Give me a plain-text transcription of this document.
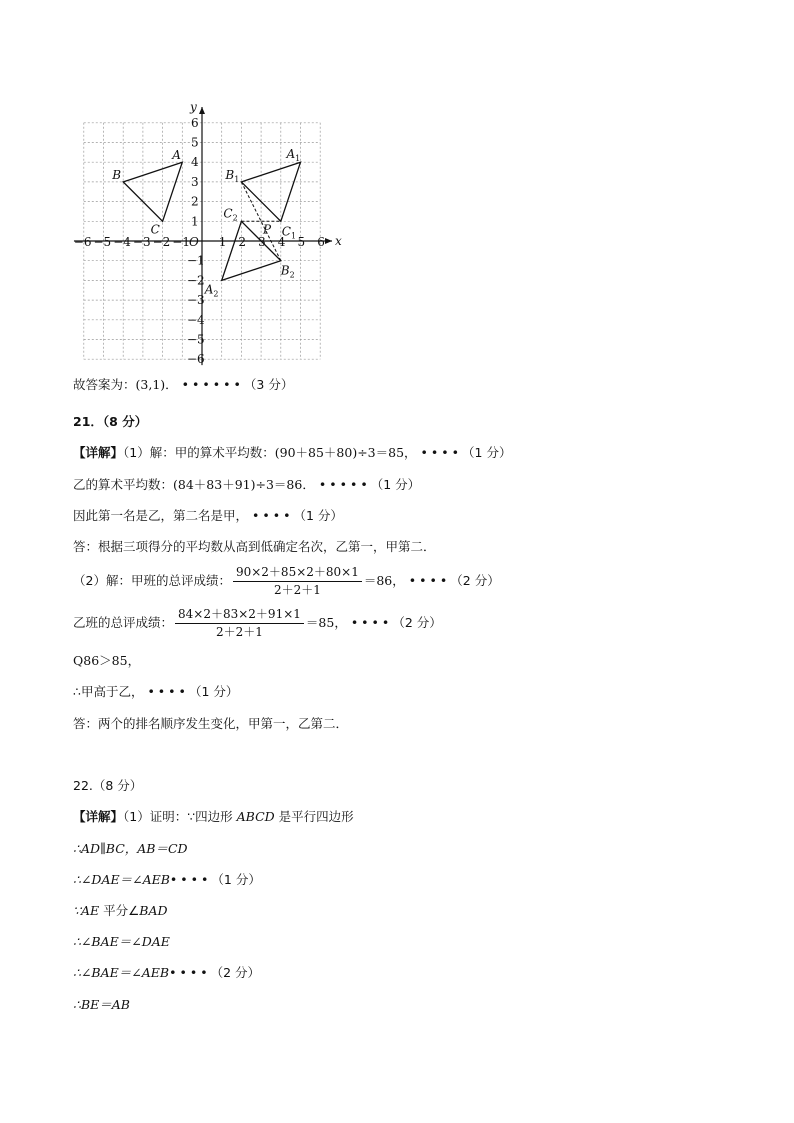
x
y
O
−6 −5 −4 −3 −2 −1 1 2 3 4 5 6
1
2
3
4
5
6
−1
−2
−3
−4
−5
−6
A
B
C
$A_1$
$B_1$
$C_1$
$A_2$
$B_2$
$C_2$
P
故答案为：(3,1)． ••••••（3 分）
21．（8 分）
【详解】（1）解：甲的算术平均数：(90＋85＋80)÷3＝85， ••••（1 分）
乙的算术平均数：(84＋83＋91)÷3＝86． •••••（1 分）
因此第一名是乙，第二名是甲， ••••（1 分）
答：根据三项得分的平均数从高到低确定名次，乙第一，甲第二．
（2）解：甲班的总评成绩： $\frac{90\times 2+85\times 2+80\times 1}{2+2+1} =86$， ••••（2 分）
乙班的总评成绩： $\frac{84\times 2+83\times 2+91\times 1}{2+2+1} =85$， ••••（2 分）
Q86＞85，
∴甲高于乙， ••••（1 分）
答：两个的排名顺序发生变化，甲第一，乙第二．
22.（8 分）
【详解】（1）证明：∵四边形 ABCD 是平行四边形
∴AD∥BC，AB＝CD
∴∠DAE＝∠AEB••••（1 分）
∵AE 平分∠BAD
∴∠BAE＝∠DAE
∴∠BAE＝∠AEB••••（2 分）
∴BE＝AB
